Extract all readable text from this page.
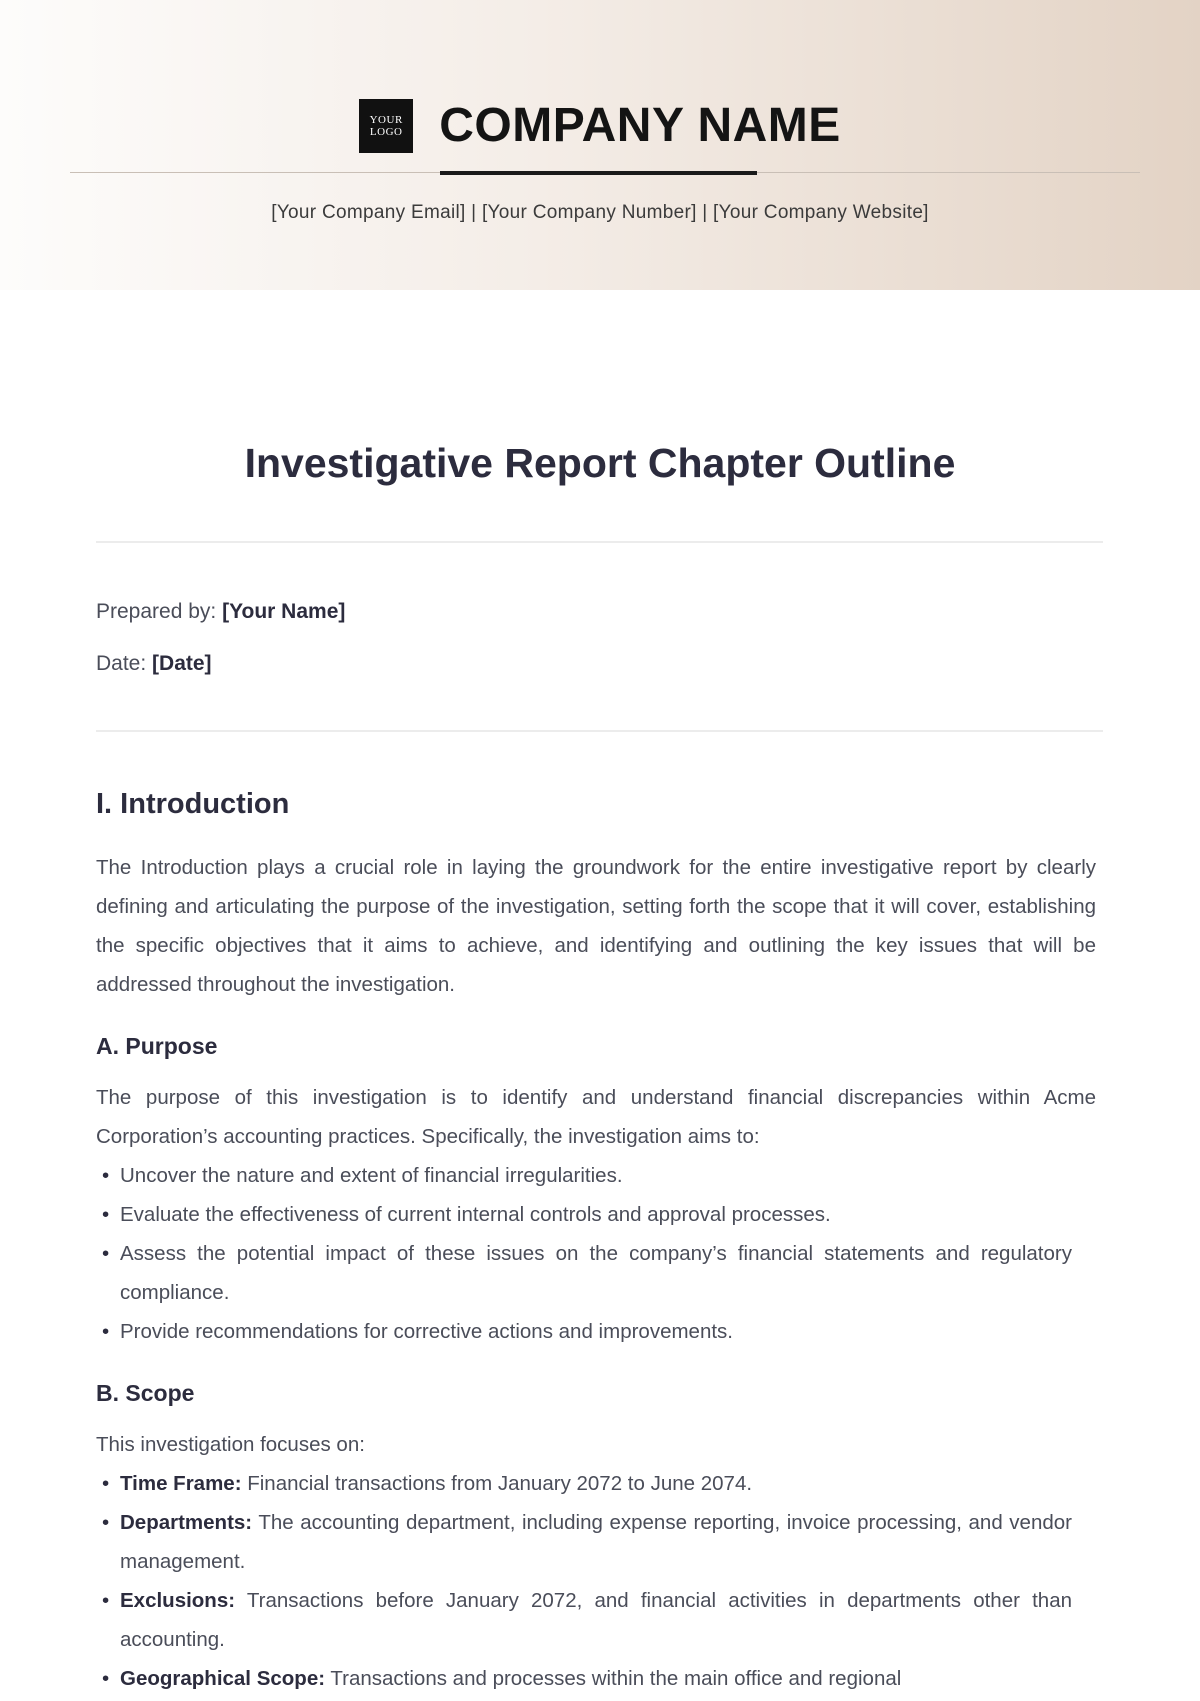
YOUR
LOGO COMPANY NAME
[Your Company Email] | [Your Company Number] | [Your Company Website]
Investigative Report Chapter Outline
Prepared by: [Your Name]
Date: [Date]
I. Introduction

The Introduction plays a crucial role in laying the groundwork for the entire investigative report by clearly defining and articulating the purpose of the investigation, setting forth the scope that it will cover, establishing the specific objectives that it aims to achieve, and identifying and outlining the key issues that will be addressed throughout the investigation.

A. Purpose

The purpose of this investigation is to identify and understand financial discrepancies within Acme Corporation’s accounting practices. Specifically, the investigation aims to:

• Uncover the nature and extent of financial irregularities.
• Evaluate the effectiveness of current internal controls and approval processes.
• Assess the potential impact of these issues on the company’s financial statements and regulatory compliance.
• Provide recommendations for corrective actions and improvements.
B. Scope

This investigation focuses on:

• Time Frame: Financial transactions from January 2072 to June 2074.
• Departments: The accounting department, including expense reporting, invoice processing, and vendor management.
• Exclusions: Transactions before January 2072, and financial activities in departments other than accounting.
• Geographical Scope: Transactions and processes within the main office and regional
